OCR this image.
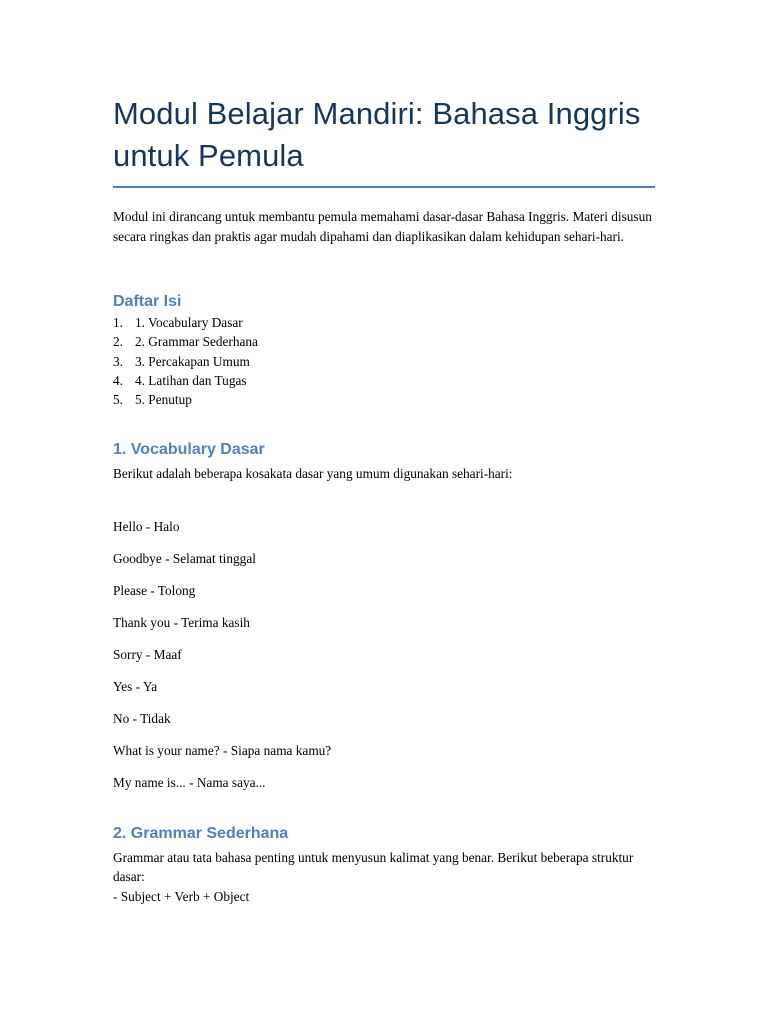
Modul Belajar Mandiri: Bahasa Inggris untuk Pemula

Modul ini dirancang untuk membantu pemula memahami dasar-dasar Bahasa Inggris. Materi disusun secara ringkas dan praktis agar mudah dipahami dan diaplikasikan dalam kehidupan sehari-hari.

Daftar Isi
1. 1. Vocabulary Dasar
2. 2. Grammar Sederhana
3. 3. Percakapan Umum
4. 4. Latihan dan Tugas
5. 5. Penutup
1. Vocabulary Dasar

Berikut adalah beberapa kosakata dasar yang umum digunakan sehari-hari:

Hello - Halo
Goodbye - Selamat tinggal
Please - Tolong
Thank you - Terima kasih
Sorry - Maaf
Yes - Ya
No - Tidak
What is your name? - Siapa nama kamu?
My name is... - Nama saya...
2. Grammar Sederhana

Grammar atau tata bahasa penting untuk menyusun kalimat yang benar. Berikut beberapa struktur dasar:
- Subject + Verb + Object
